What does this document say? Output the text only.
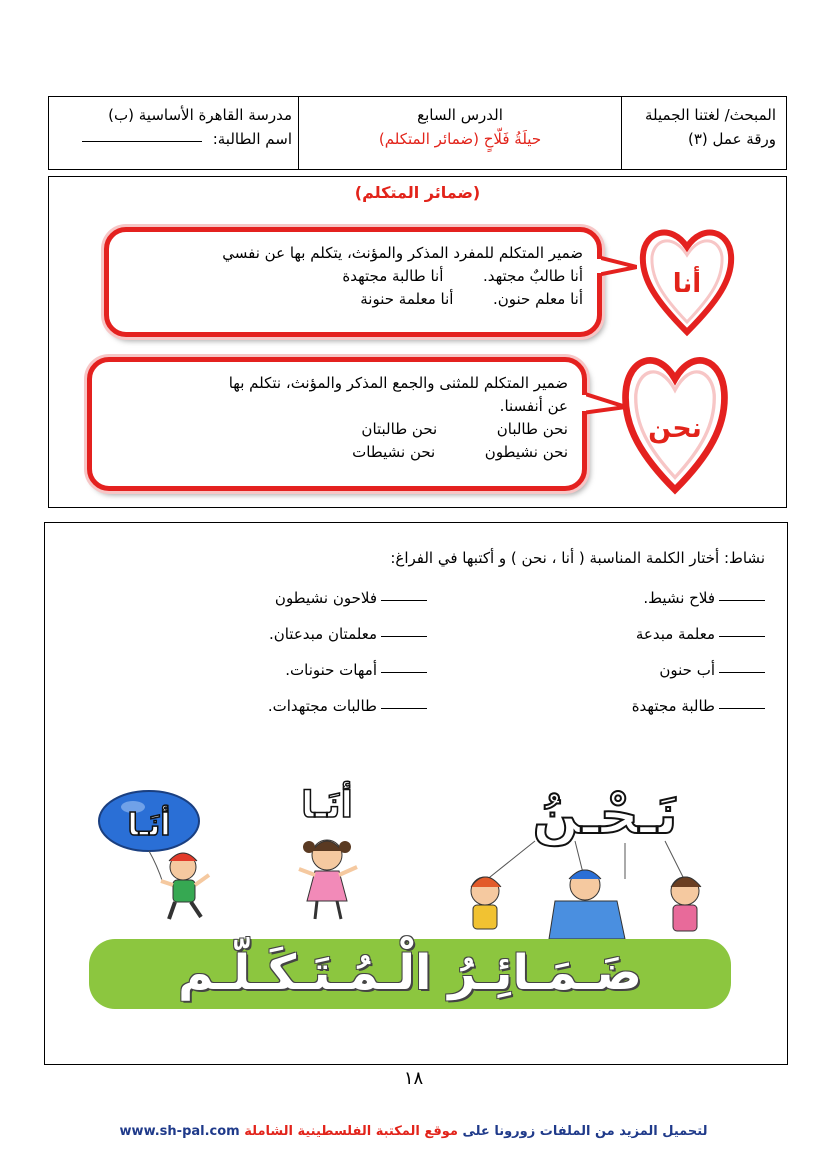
المبحث/ لغتنا الجميلة
ورقة عمل (٣)
الدرس السابع
حيلَةُ فَلّاحٍ (ضمائر المتكلم)
مدرسة القاهرة الأساسية (ب)
اسم الطالبة:
(ضمائر المتكلم)
ضمير المتكلم للمفرد المذكر والمؤنث، يتكلم بها عن نفسي
أنا طالبٌ مجتهد.  أنا طالبة مجتهدة
أنا معلم حنون.  أنا معلمة حنونة	أنا
ضمير المتكلم للمثنى والجمع المذكر والمؤنث، نتكلم بها
عن أنفسنا.
نحن طالبان  نحن طالبتان
نحن نشيطون  نحن نشيطات
نحن
نشاط: أختار الكلمة المناسبة ( أنا ، نحن ) و أكتبها في الفراغ:
فلاح نشيط.
معلمة مبدعة
أب حنون
طالبة مجتهدة
فلاحون نشيطون
معلمتان مبدعتان.
أمهات حنونات.
طالبات مجتهدات.
أنَـا	أنَـا	نَـحْـنُ
ضَـمَـائِـرُ الْـمُـتَـكَـلّـم
١٨
www.sh-pal.com	لتحميل المزيد من الملفات زورونا على موقع المكتبة الفلسطينية الشاملة
